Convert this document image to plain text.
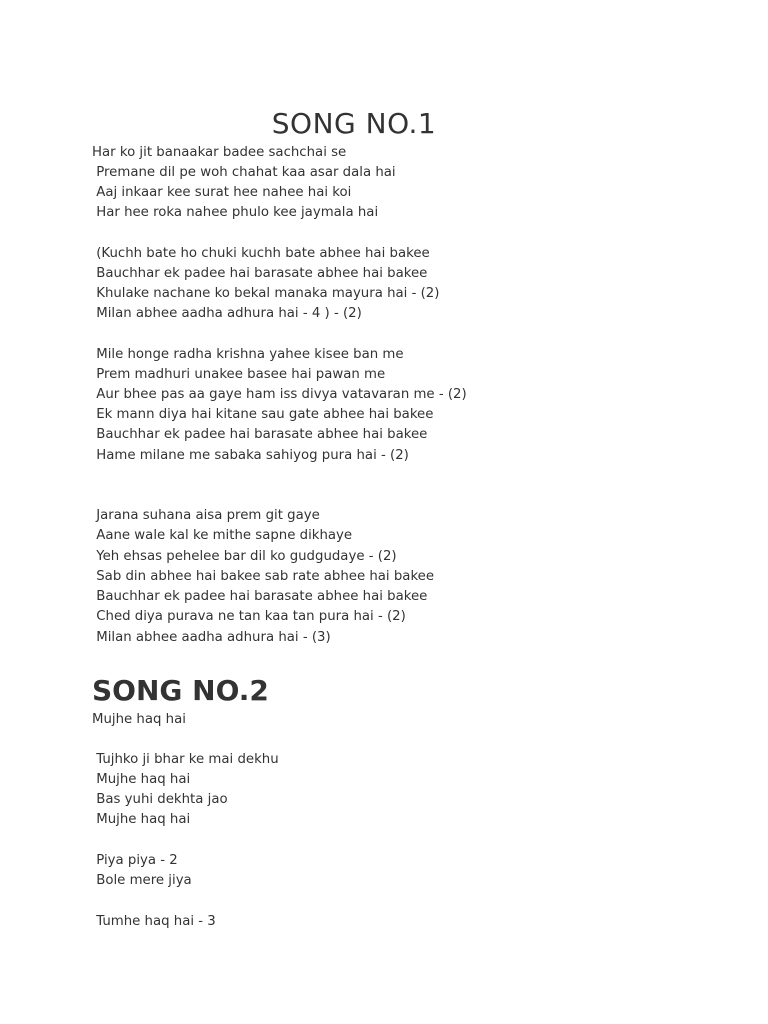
SONG NO.1

Har ko jit banaakar badee sachchai se

Premane dil pe woh chahat kaa asar dala hai

Aaj inkaar kee surat hee nahee hai koi

Har hee roka nahee phulo kee jaymala hai

(Kuchh bate ho chuki kuchh bate abhee hai bakee

Bauchhar ek padee hai barasate abhee hai bakee

Khulake nachane ko bekal manaka mayura hai - (2)

Milan abhee aadha adhura hai - 4 ) - (2)

Mile honge radha krishna yahee kisee ban me

Prem madhuri unakee basee hai pawan me

Aur bhee pas aa gaye ham iss divya vatavaran me - (2)

Ek mann diya hai kitane sau gate abhee hai bakee

Bauchhar ek padee hai barasate abhee hai bakee

Hame milane me sabaka sahiyog pura hai - (2)

Jarana suhana aisa prem git gaye

Aane wale kal ke mithe sapne dikhaye

Yeh ehsas pehelee bar dil ko gudgudaye - (2)

Sab din abhee hai bakee sab rate abhee hai bakee

Bauchhar ek padee hai barasate abhee hai bakee

Ched diya purava ne tan kaa tan pura hai - (2)

Milan abhee aadha adhura hai - (3)

SONG NO.2

Mujhe haq hai

Tujhko ji bhar ke mai dekhu

Mujhe haq hai

Bas yuhi dekhta jao

Mujhe haq hai

Piya piya - 2

Bole mere jiya

Tumhe haq hai - 3
